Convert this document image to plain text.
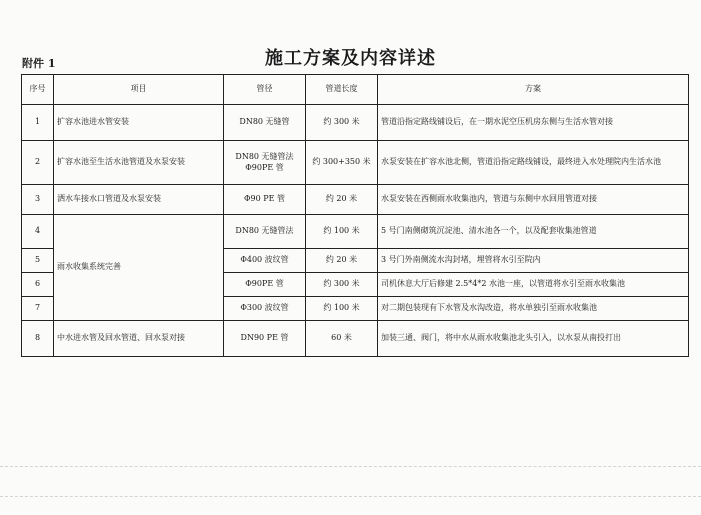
附件 1	施工方案及内容详述
序号	项目	管径	管道长度	方案
1	扩容水池进水管安装	DN80 无缝管	约 300 米	管道沿指定路线铺设后，在一期水泥空压机房东侧与生活水管对接
2	扩容水池至生活水池管道及水泵安装	DN80 无缝管法 Φ90PE 管	约 300+350 米	水泵安装在扩容水池北侧，管道沿指定路线铺设，最终进入水处理院内生活水池
3	洒水车接水口管道及水泵安装	Φ90 PE 管	约 20 米	水泵安装在西侧雨水收集池内，管道与东侧中水回用管道对接
4	雨水收集系统完善	DN80 无缝管法	约 100 米	5 号门南侧砌筑沉淀池、清水池各一个，以及配套收集池管道
5		Φ400 波纹管	约 20 米	3 号门外南侧流水沟封堵，埋管将水引至院内
6		Φ90PE 管	约 300 米	司机休息大厅后修建 2.5*4*2 水池一座，以管道将水引至雨水收集池
7		Φ300 波纹管	约 100 米	对二期包装现有下水管及水沟改造，将水单独引至雨水收集池
8	中水进水管及回水管道、回水泵对接	DN90 PE 管	60 米	加装三通、阀门，将中水从雨水收集池北头引入，以水泵从南投打出
